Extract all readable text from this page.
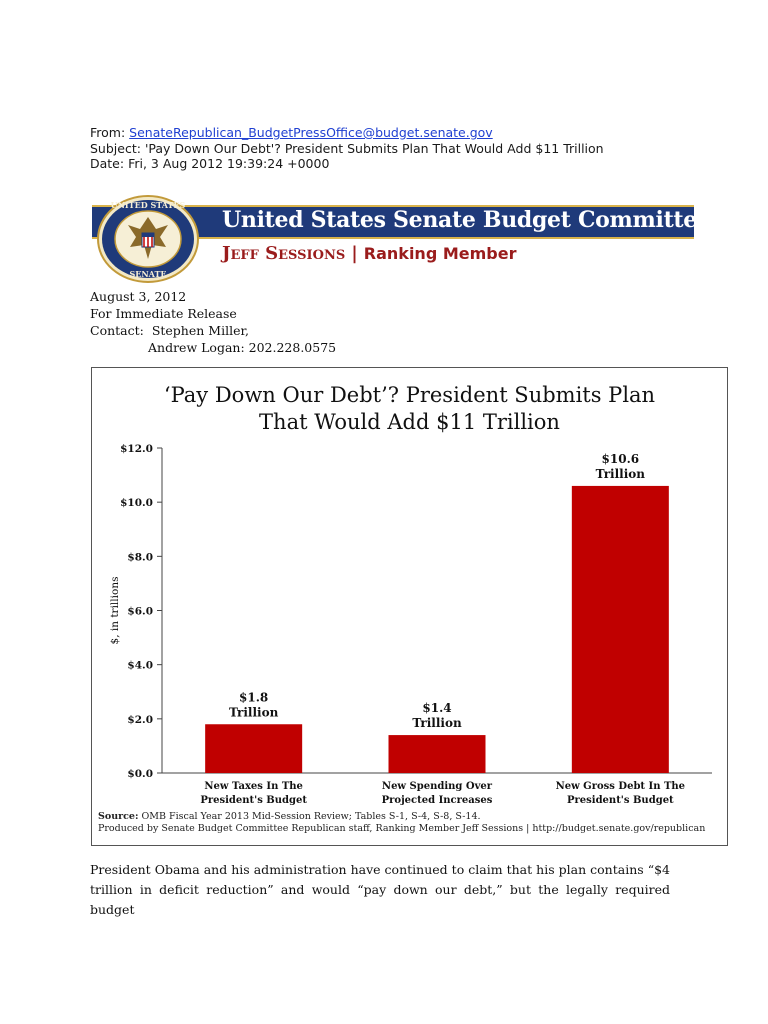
From: SenateRepublican_BudgetPressOffice@budget.senate.gov
Subject: 'Pay Down Our Debt'? President Submits Plan That Would Add $11 Trillion
Date: Fri, 3 Aug 2012 19:39:24 +0000
United States Senate Budget Committee
Jeff Sessions | Ranking Member
UNITED STATES
SENATE
August 3, 2012
For Immediate Release
Contact: Stephen Miller,
Andrew Logan: 202.228.0575
‘Pay Down Our Debt’? President Submits Plan
That Would Add $11 Trillion
$0.0
$2.0
$4.0
$6.0
$8.0
$10.0
$12.0
$, in trillions
$1.8
Trillion
New Taxes In The
President's Budget
$1.4
Trillion
New Spending Over
Projected Increases
$10.6
Trillion
New Gross Debt In The
President's Budget
Source: OMB Fiscal Year 2013 Mid-Session Review; Tables S-1, S-4, S-8, S-14.
Produced by Senate Budget Committee Republican staff, Ranking Member Jeff Sessions | http://budget.senate.gov/republican
President Obama and his administration have continued to claim that his plan contains “$4 trillion in deficit reduction” and would “pay down our debt,” but the legally required budget
